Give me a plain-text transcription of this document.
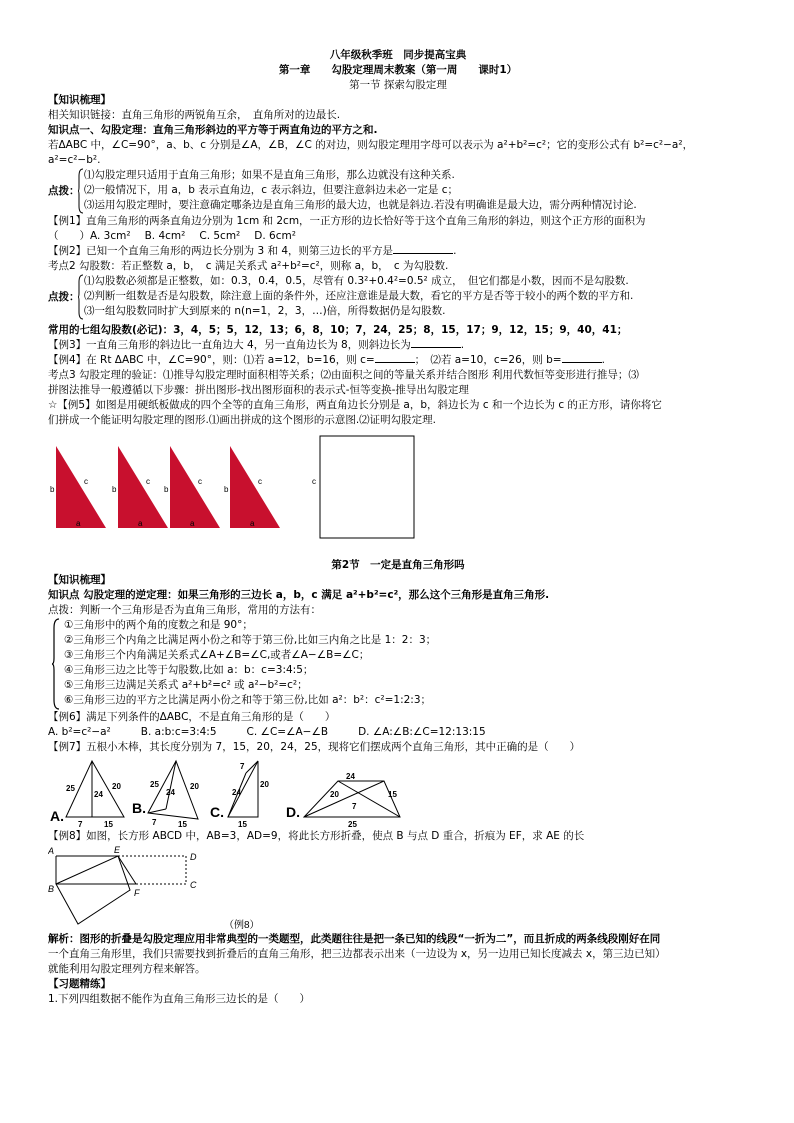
八年级秋季班　同步提高宝典
第一章　　勾股定理周末教案（第一周　　课时1）
第一节 探索勾股定理
【知识梳理】
相关知识链接：直角三角形的两锐角互余，　直角所对的边最长.
知识点一、勾股定理：直角三角形斜边的平方等于两直角边的平方之和.
若ΔABC 中，∠C=90°，a、b、c 分别是∠A，∠B，∠C 的对边，则勾股定理用字母可以表示为 a²+b²=c²；它的变形公式有 b²=c²−a²，
a²=c²−b².
点拨：
⑴勾股定理只适用于直角三角形；如果不是直角三角形，那么边就没有这种关系.
⑵一般情况下，用 a，b 表示直角边，c 表示斜边，但要注意斜边未必一定是 c；
⑶运用勾股定理时，要注意确定哪条边是直角三角形的最大边，也就是斜边.若没有明确谁是最大边，需分两种情况讨论.
【例1】直角三角形的两条直角边分别为 1cm 和 2cm，一正方形的边长恰好等于这个直角三角形的斜边，则这个正方形的面积为
（　　）A. 3cm² B. 4cm² C. 5cm² D. 6cm²
【例2】已知一个直角三角形的两边长分别为 3 和 4，则第三边长的平方是	.
考点2 勾股数：若正整数 a，b，　c 满足关系式 a²+b²=c²，则称 a，b，　c 为勾股数.
点拨：
⑴勾股数必须都是正整数，如：0.3，0.4，0.5，尽管有 0.3²+0.4²=0.5² 成立，　但它们都是小数，因而不是勾股数.
⑵判断一组数是否是勾股数，除注意上面的条件外，还应注意谁是最大数，看它的平方是否等于较小的两个数的平方和.
⑶一组勾股数同时扩大到原来的 n(n=1，2，3，…)倍，所得数据仍是勾股数.
常用的七组勾股数(必记)：3，4，5；5，12，13；6，8，10；7，24，25；8，15，17；9，12，15；9，40，41；
【例3】一直角三角形的斜边比一直角边大 4，另一直角边长为 8，则斜边长为	.
【例4】在 Rt ΔABC 中，∠C=90°，则：⑴若 a=12，b=16，则 c=	；　⑵若 a=10，c=26，则 b=	.
考点3 勾股定理的验证：⑴推导勾股定理时面积相等关系；⑵由面积之间的等量关系并结合图形 利用代数恒等变形进行推导；⑶
拼图法推导一般遵循以下步骤：拼出图形-找出图形面积的表示式-恒等变换-推导出勾股定理
☆【例5】如图是用硬纸板做成的四个全等的直角三角形，两直角边长分别是 a，b，斜边长为 c 和一个边长为 c 的正方形，请你将它
们拼成一个能证明勾股定理的图形.⑴画出拼成的这个图形的示意图.⑵证明勾股定理.
b
a
c
b
a
c
b
a
c
b
a
c	c
第2节　一定是直角三角形吗
【知识梳理】
知识点 勾股定理的逆定理：如果三角形的三边长 a，b，c 满足 a²+b²=c²，那么这个三角形是直角三角形.
点拨：判断一个三角形是否为直角三角形，常用的方法有：
①三角形中的两个角的度数之和是 90°；
②三角形三个内角之比满足两小份之和等于第三份,比如三内角之比是 1：2：3；
③三角形三个内角满足关系式∠A+∠B=∠C,或者∠A−∠B=∠C；
④三角形三边之比等于勾股数,比如 a：b：c=3:4:5；
⑤三角形三边满足关系式 a²+b²=c² 或 a²−b²=c²；
⑥三角形三边的平方之比满足两小份之和等于第三份,比如 a²：b²：c²=1:2:3；
【例6】满足下列条件的ΔABC，不是直角三角形的是（　　）
A. b²=c²−a²	B. a:b:c=3:4:5	C. ∠C=∠A−∠B	D. ∠A:∠B:∠C=12:13:15
【例7】五根小木棒，其长度分别为 7，15，20，24，25，现将它们摆成两个直角三角形，其中正确的是（　　）
A.
25	20
24
7	15
B.
25	20
24
7	15
C.
7
20
24
15
D.
20
24
15
7
25
【例8】如图，长方形 ABCD 中，AB=3，AD=9，将此长方形折叠，使点 B 与点 D 重合，折痕为 EF，求 AE 的长
A	E
D
B	F
C
（例8）
解析：图形的折叠是勾股定理应用非常典型的一类题型，此类题往往是把一条已知的线段“一折为二”，而且折成的两条线段刚好在同
一个直角三角形里，我们只需要找到折叠后的直角三角形，把三边都表示出来（一边设为 x，另一边用已知长度减去 x，第三边已知）
就能利用勾股定理列方程来解答。
【习题精练】
1.下列四组数据不能作为直角三角形三边长的是（　　）
